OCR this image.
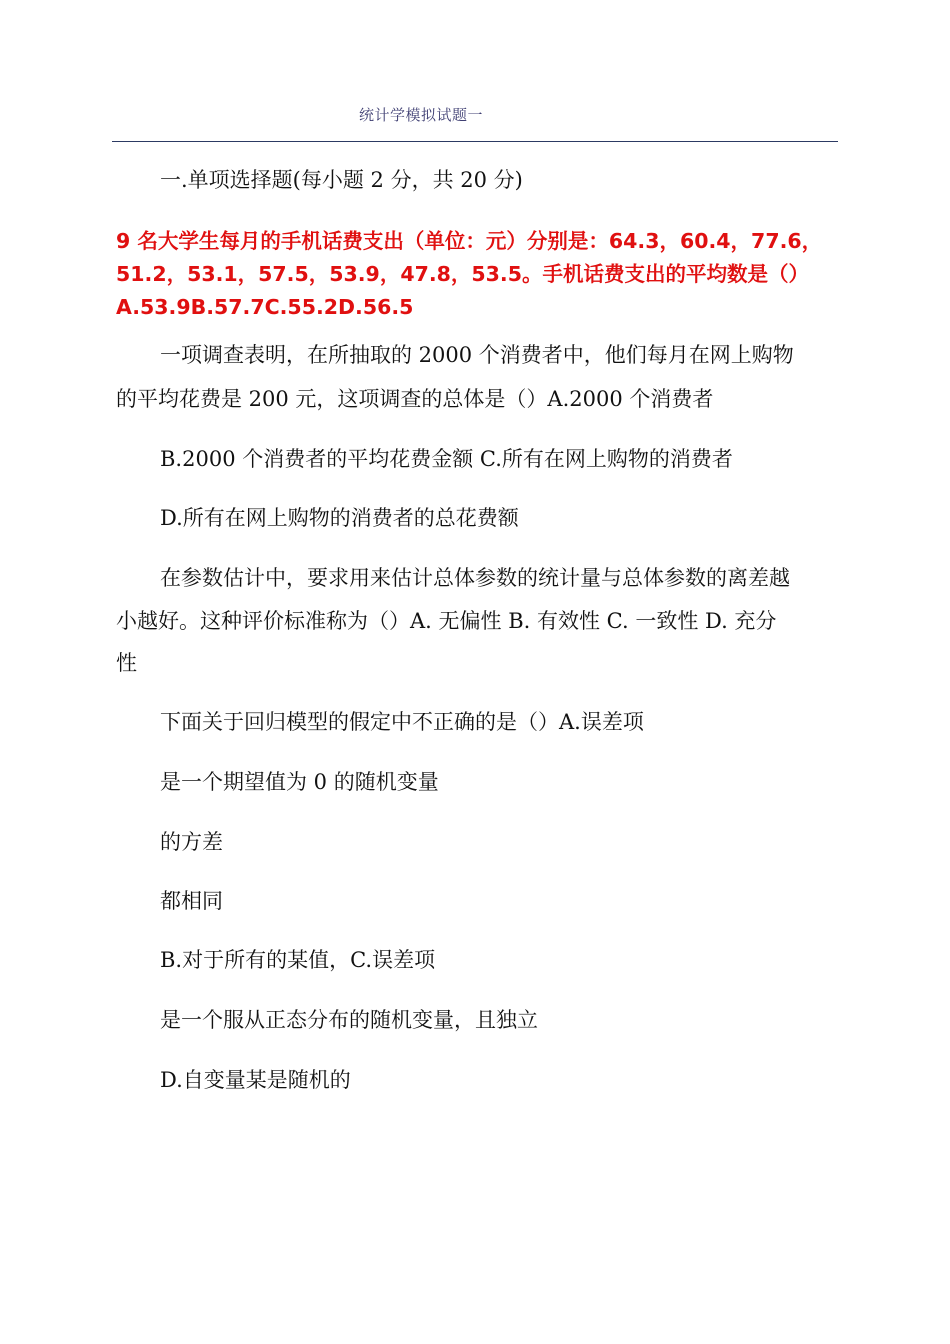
统计学模拟试题一
一.单项选择题(每小题 2 分，共 20 分)
9 名大学生每月的手机话费支出（单位：元）分别是：64.3，60.4，77.6，
51.2，53.1，57.5，53.9，47.8，53.5。手机话费支出的平均数是（）
A.53.9B.57.7C.55.2D.56.5
一项调查表明，在所抽取的 2000 个消费者中，他们每月在网上购物
的平均花费是 200 元，这项调查的总体是（）A.2000 个消费者
B.2000 个消费者的平均花费金额 C.所有在网上购物的消费者
D.所有在网上购物的消费者的总花费额
在参数估计中，要求用来估计总体参数的统计量与总体参数的离差越
小越好。这种评价标准称为（）A. 无偏性 B. 有效性 C. 一致性 D. 充分
性
下面关于回归模型的假定中不正确的是（）A.误差项
是一个期望值为 0 的随机变量
的方差
都相同
B.对于所有的某值，C.误差项
是一个服从正态分布的随机变量，且独立
D.自变量某是随机的
